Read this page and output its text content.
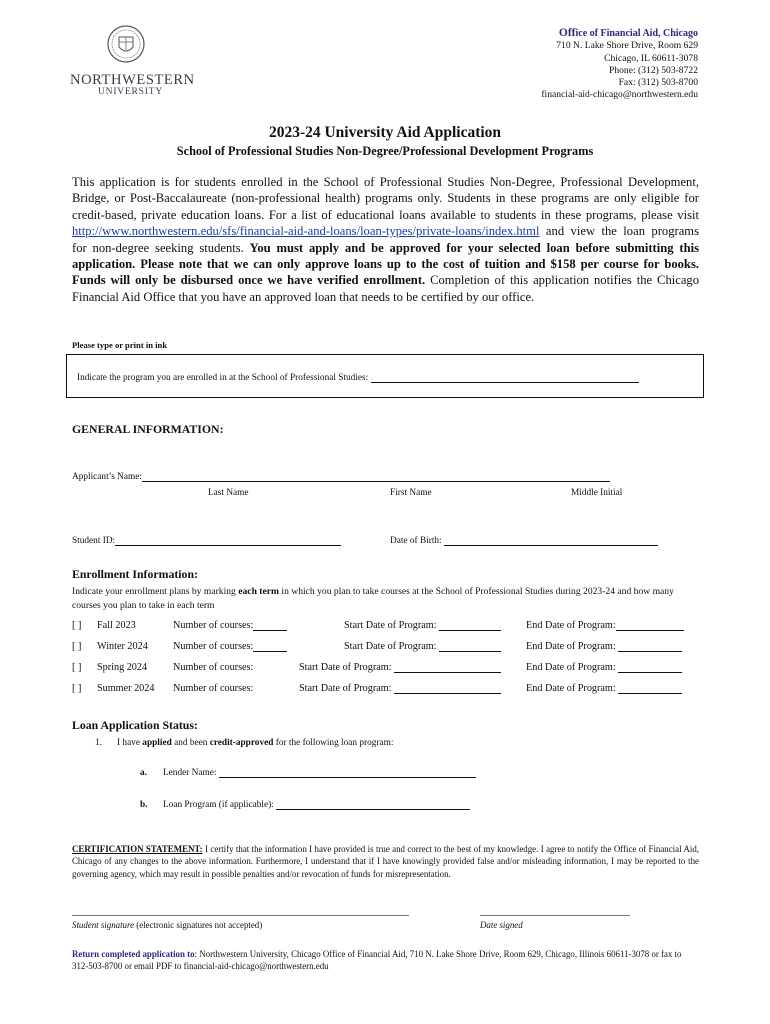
NORTHWESTERN
UNIVERSITY
Office of Financial Aid, Chicago
710 N. Lake Shore Drive, Room 629
Chicago, IL 60611-3078
Phone: (312) 503-8722
Fax: (312) 503-8700
financial-aid-chicago@northwestern.edu
2023-24 University Aid Application
School of Professional Studies Non-Degree/Professional Development Programs
This application is for students enrolled in the School of Professional Studies Non-Degree, Professional Development, Bridge, or Post-Baccalaureate (non-professional health) programs only. Students in these programs are only eligible for credit-based, private education loans. For a list of educational loans available to students in these programs, please visit http://www.northwestern.edu/sfs/financial-aid-and-loans/loan-types/private-loans/index.html and view the loan programs for non-degree seeking students. You must apply and be approved for your selected loan before submitting this application. Please note that we can only approve loans up to the cost of tuition and $158 per course for books. Funds will only be disbursed once we have verified enrollment. Completion of this application notifies the Chicago Financial Aid Office that you have an approved loan that needs to be certified by our office.
Please type or print in ink
Indicate the program you are enrolled in at the School of Professional Studies:
GENERAL INFORMATION:
Applicant’s Name:
Last Name	First Name	Middle Initial
Student ID:	Date of Birth:
Enrollment Information:
Indicate your enrollment plans by marking each term in which you plan to take courses at the School of Professional Studies during 2023-24 and how many courses you plan to take in each term
[ ] Fall 2023	Number of courses:	Start Date of Program:	End Date of Program:
[ ] Winter 2024 Number of courses:	Start Date of Program:	End Date of Program:
[ ] Spring 2024	Number of courses:	Start Date of Program:	End Date of Program:
[ ] Summer 2024 Number of courses:	Start Date of Program:	End Date of Program:
Loan Application Status:
1. I have applied and been credit-approved for the following loan program:
a. Lender Name:
b. Loan Program (if applicable):
CERTIFICATION STATEMENT: I certify that the information I have provided is true and correct to the best of my knowledge. I agree to notify the Office of Financial Aid, Chicago of any changes to the above information. Furthermore, I understand that if I have knowingly provided false and/or misleading information, I may be reported to the governing agency, which may result in possible penalties and/or revocation of funds for misrepresentation.
Student signature (electronic signatures not accepted)	Date signed
Return completed application to: Northwestern University, Chicago Office of Financial Aid, 710 N. Lake Shore Drive, Room 629, Chicago, Illinois 60611-3078 or fax to 312-503-8700 or email PDF to financial-aid-chicago@northwestern.edu
